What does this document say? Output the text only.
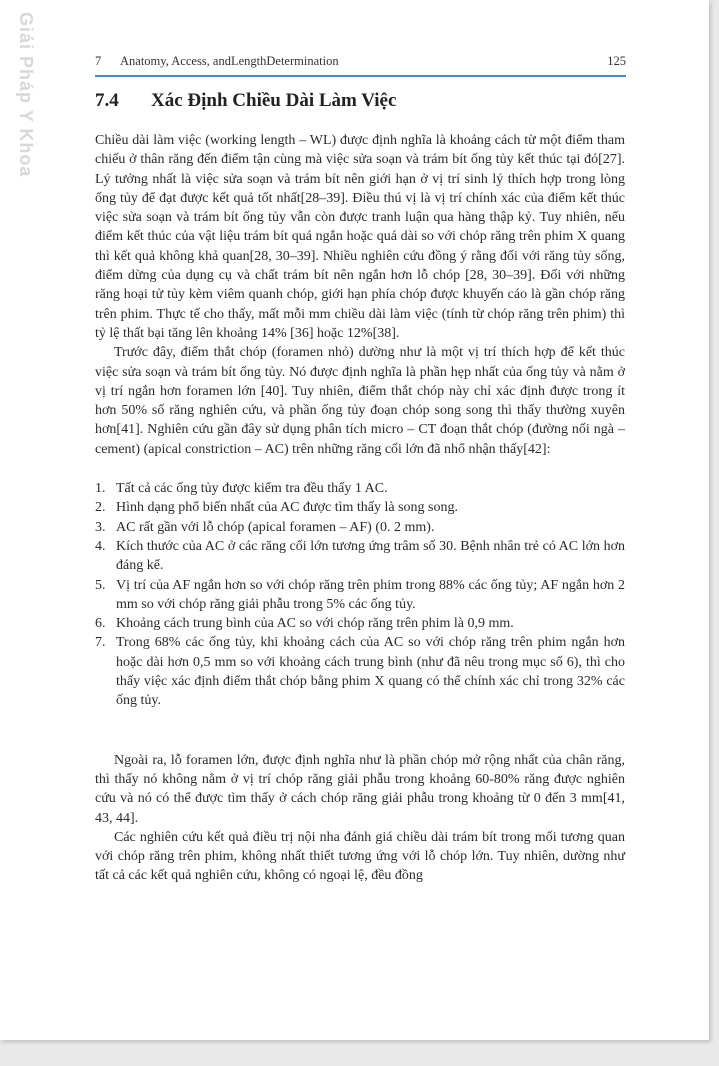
Giải Pháp Y Khoa	7 Anatomy, Access, andLengthDetermination	125
7.4 Xác Định Chiều Dài Làm Việc

Chiều dài làm việc (working length – WL) được định nghĩa là khoảng cách từ một điểm tham chiếu ở thân răng đến điểm tận cùng mà việc sửa soạn và trám bít ống tủy kết thúc tại đó[27]. Lý tưởng nhất là việc sửa soạn và trám bít nên giới hạn ở vị trí sinh lý thích hợp trong lòng ống tủy để đạt được kết quả tốt nhất[28–39]. Điều thú vị là vị trí chính xác của điểm kết thúc việc sửa soạn và trám bít ống tủy vẫn còn được tranh luận qua hàng thập kỷ. Tuy nhiên, nếu điểm kết thúc của vật liệu trám bít quá ngắn hoặc quá dài so với chóp răng trên phim X quang thì kết quả không khả quan[28, 30–39]. Nhiều nghiên cứu đồng ý rằng đối với răng tủy sống, điểm dừng của dụng cụ và chất trám bít nên ngắn hơn lỗ chóp [28, 30–39]. Đối với những răng hoại tử tủy kèm viêm quanh chóp, giới hạn phía chóp được khuyến cáo là gần chóp răng trên phim. Thực tế cho thấy, mất mỗi mm chiều dài làm việc (tính từ chóp răng trên phim) thì tỷ lệ thất bại tăng lên khoảng 14% [36] hoặc 12%[38].

Trước đây, điểm thắt chóp (foramen nhỏ) dường như là một vị trí thích hợp để kết thúc việc sửa soạn và trám bít ống tủy. Nó được định nghĩa là phần hẹp nhất của ống tủy và nằm ở vị trí ngắn hơn foramen lớn [40]. Tuy nhiên, điểm thắt chóp này chỉ xác định được trong ít hơn 50% số răng nghiên cứu, và phần ống tủy đoạn chóp song song thì thấy thường xuyên hơn[41]. Nghiên cứu gần đây sử dụng phân tích micro – CT đoạn thắt chóp (đường nối ngà – cement) (apical constriction – AC) trên những răng cối lớn đã nhổ nhận thấy[42]:

1. Tất cả các ống tủy được kiểm tra đều thấy 1 AC.
2. Hình dạng phổ biến nhất của AC được tìm thấy là song song.
3. AC rất gần với lỗ chóp (apical foramen – AF) (0. 2 mm).
4. Kích thước của AC ở các răng cối lớn tương ứng trâm số 30. Bệnh nhân trẻ có AC lớn hơn đáng kể.
5. Vị trí của AF ngắn hơn so với chóp răng trên phim trong 88% các ống tủy; AF ngắn hơn 2 mm so với chóp răng giải phẫu trong 5% các ống tủy.
6. Khoảng cách trung bình của AC so với chóp răng trên phim là 0,9 mm.
7. Trong 68% các ống tủy, khi khoảng cách của AC so với chóp răng trên phim ngắn hơn hoặc dài hơn 0,5 mm so với khoảng cách trung bình (như đã nêu trong mục số 6), thì cho thấy việc xác định điểm thắt chóp bằng phim X quang có thể chính xác chỉ trong 32% các ống tủy.

Ngoài ra, lỗ foramen lớn, được định nghĩa như là phần chóp mở rộng nhất của chân răng, thì thấy nó không nằm ở vị trí chóp răng giải phẫu trong khoảng 60-80% răng được nghiên cứu và nó có thể được tìm thấy ở cách chóp răng giải phẫu trong khoảng từ 0 đến 3 mm[41, 43, 44].

Các nghiên cứu kết quả điều trị nội nha đánh giá chiều dài trám bít trong mối tương quan với chóp răng trên phim, không nhất thiết tương ứng với lỗ chóp lớn. Tuy nhiên, dường như tất cả các kết quả nghiên cứu, không có ngoại lệ, đều đồng
